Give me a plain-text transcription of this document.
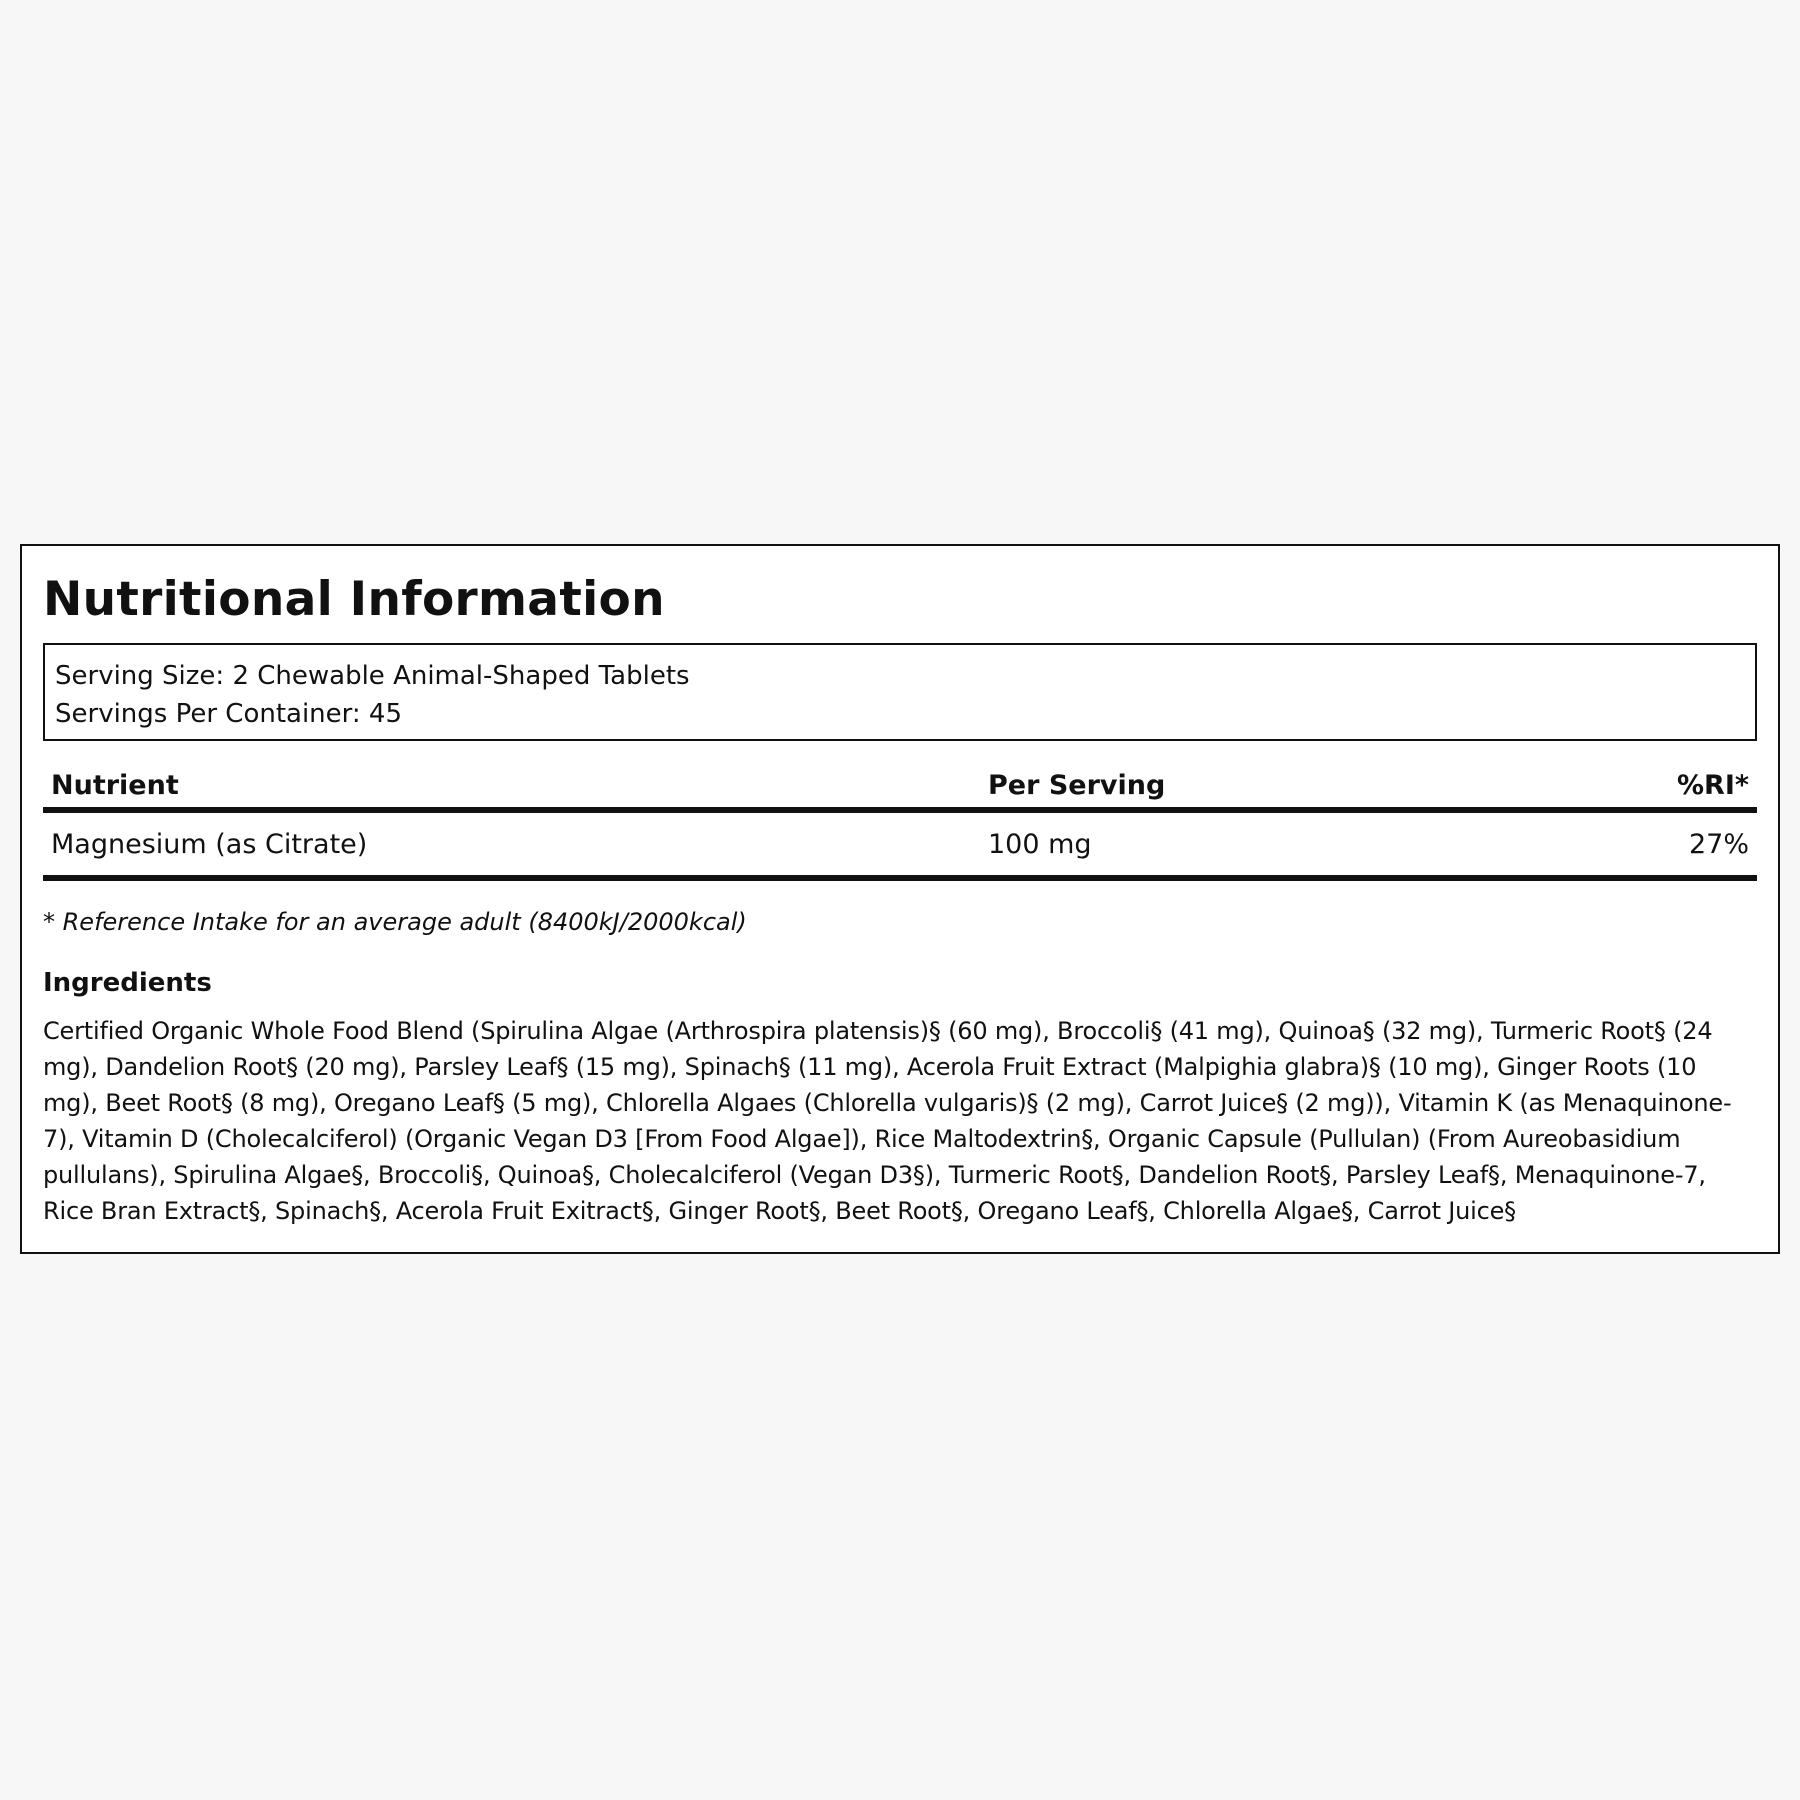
Nutritional Information
Serving Size: 2 Chewable Animal-Shaped Tablets
Servings Per Container: 45
Nutrient	Per Serving	%RI*
Magnesium (as Citrate)	100 mg	27%
* Reference Intake for an average adult (8400kJ/2000kcal)
Ingredients
Certified Organic Whole Food Blend (Spirulina Algae (Arthrospira platensis)§ (60 mg), Broccoli§ (41 mg), Quinoa§ (32 mg), Turmeric Root§ (24 mg), Dandelion Root§ (20 mg), Parsley Leaf§ (15 mg), Spinach§ (11 mg), Acerola Fruit Extract (Malpighia glabra)§ (10 mg), Ginger Roots (10 mg), Beet Root§ (8 mg), Oregano Leaf§ (5 mg), Chlorella Algaes (Chlorella vulgaris)§ (2 mg), Carrot Juice§ (2 mg)), Vitamin K (as Menaquinone-7), Vitamin D (Cholecalciferol) (Organic Vegan D3 [From Food Algae]), Rice Maltodextrin§, Organic Capsule (Pullulan) (From Aureobasidium pullulans), Spirulina Algae§, Broccoli§, Quinoa§, Cholecalciferol (Vegan D3§), Turmeric Root§, Dandelion Root§, Parsley Leaf§, Menaquinone-7, Rice Bran Extract§, Spinach§, Acerola Fruit Exitract§, Ginger Root§, Beet Root§, Oregano Leaf§, Chlorella Algae§, Carrot Juice§
